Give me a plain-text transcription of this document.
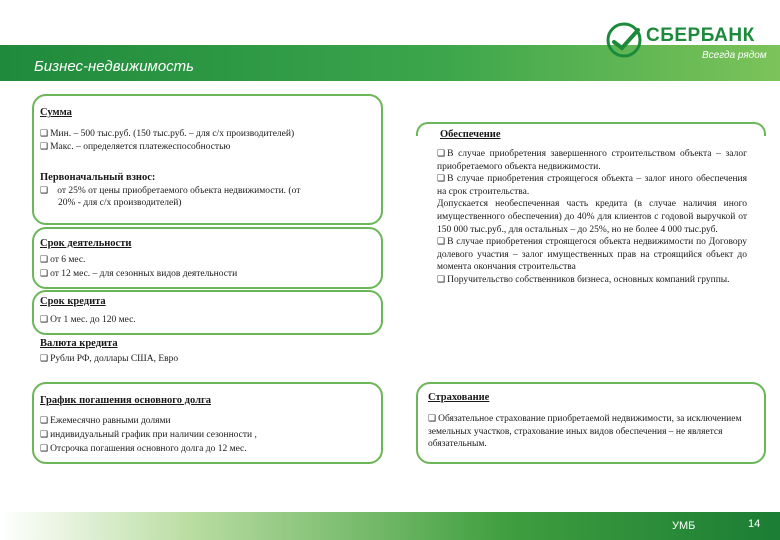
Бизнес-недвижимость
СБЕРБАНК
Всегда рядом
Сумма
❑ Мин. – 500 тыс.руб. (150 тыс.руб. – для с/х производителей)
❑ Макс. – определяется платежеспособностью
Первоначальный взнос:
❑ от 25% от цены приобретаемого объекта недвижимости. (от
20% - для с/х производителей)
Срок деятельности
❑ от 6 мес.
❑ от 12 мес. – для сезонных видов деятельности
Срок кредита
❑ От 1 мес. до 120 мес.
Валюта кредита
❑ Рубли РФ, доллары США, Евро
График погашения основного долга
❑ Ежемесячно равными долями
❑ индивидуальный график при наличии сезонности ,
❑ Отсрочка погашения основного долга до 12 мес.
Обеспечение

❑ В случае приобретения завершенного строительством объекта – залог приобретаемого объекта недвижимости.

❑ В случае приобретения строящегося объекта – залог иного обеспечения на срок строительства.

Допускается необеспеченная часть кредита (в случае наличия иного имущественного обеспечения) до 40% для клиентов с годовой выручкой от 150 000 тыс.руб., для остальных – до 25%, но не более 4 000 тыс.руб.

❑ В случае приобретения строящегося объекта недвижимости по Договору долевого участия – залог имущественных прав на строящийся объект до момента окончания строительства

❑ Поручительство собственников бизнеса, основных компаний группы.

Страхование

❑ Обязательное страхование приобретаемой недвижимости, за исключением земельных участков, страхование иных видов обеспечения – не является обязательным.

УМБ	14
